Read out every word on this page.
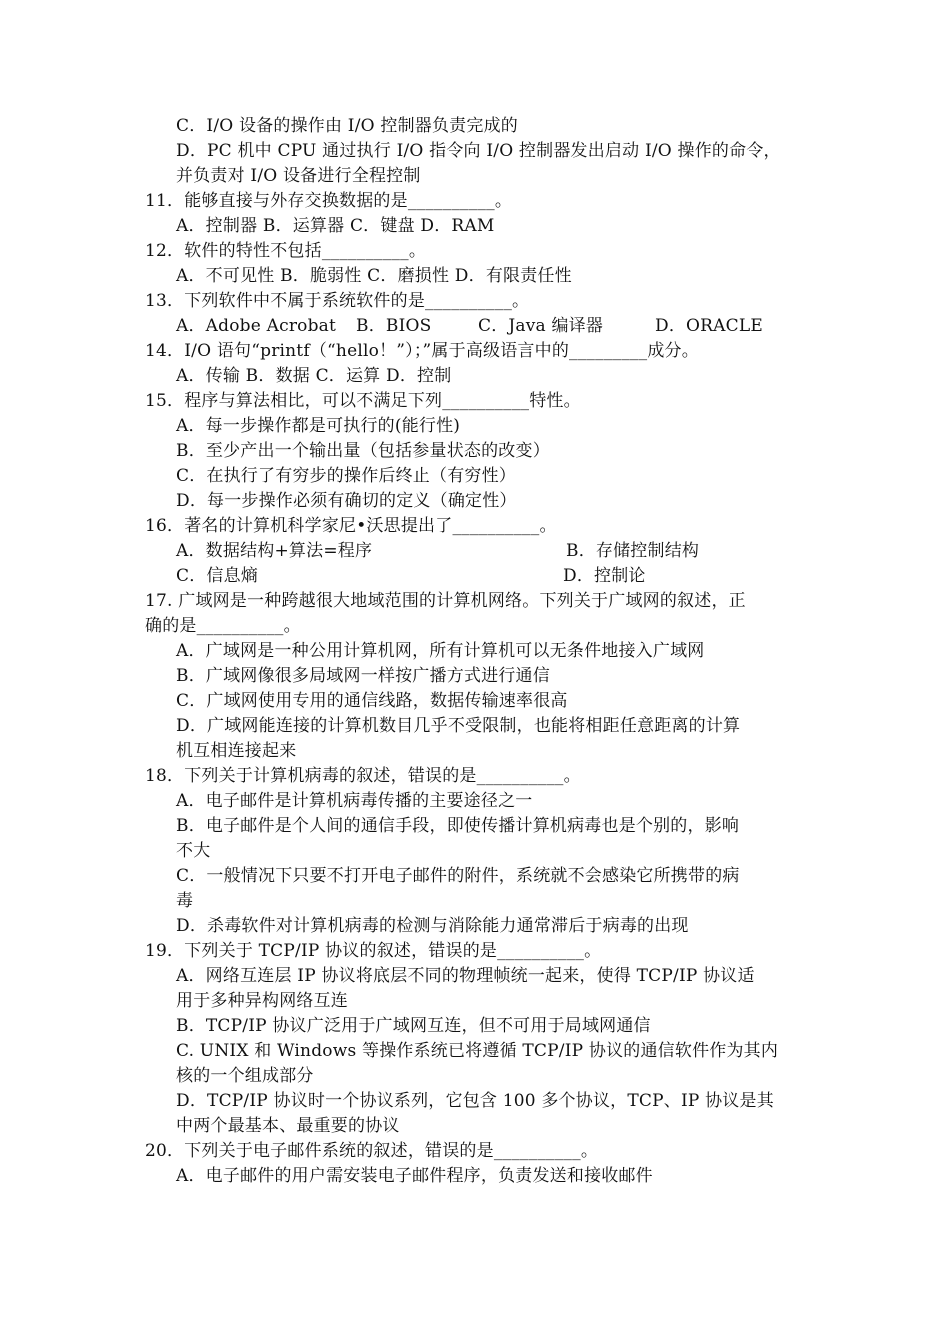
C．I/O 设备的操作由 I/O 控制器负责完成的
D．PC 机中 CPU 通过执行 I/O 指令向 I/O 控制器发出启动 I/O 操作的命令，
并负责对 I/O 设备进行全程控制
11．能够直接与外存交换数据的是__________。
A．控制器 B．运算器 C．键盘 D．RAM
12．软件的特性不包括__________。
A．不可见性 B．脆弱性 C．磨损性 D．有限责任性
13．下列软件中不属于系统软件的是__________。
A．Adobe Acrobat B．BIOS	C．Java 编译器	D．ORACLE
14．I/O 语句“printf（“hello！”）；”属于高级语言中的_________成分。
A．传输 B．数据 C．运算 D．控制
15．程序与算法相比，可以不满足下列__________特性。
A．每一步操作都是可执行的(能行性)
B．至少产出一个输出量（包括参量状态的改变）
C．在执行了有穷步的操作后终止（有穷性）
D．每一步操作必须有确切的定义（确定性）
16．著名的计算机科学家尼•沃思提出了__________。
A．数据结构+算法=程序	B．存储控制结构
C．信息熵	D．控制论
17. 广域网是一种跨越很大地域范围的计算机网络。下列关于广域网的叙述，正
确的是__________。
A．广域网是一种公用计算机网，所有计算机可以无条件地接入广域网
B．广域网像很多局域网一样按广播方式进行通信
C．广域网使用专用的通信线路，数据传输速率很高
D．广域网能连接的计算机数目几乎不受限制，也能将相距任意距离的计算
机互相连接起来
18．下列关于计算机病毒的叙述，错误的是__________。
A．电子邮件是计算机病毒传播的主要途径之一
B．电子邮件是个人间的通信手段，即使传播计算机病毒也是个别的，影响
不大
C．一般情况下只要不打开电子邮件的附件，系统就不会感染它所携带的病
毒
D．杀毒软件对计算机病毒的检测与消除能力通常滞后于病毒的出现
19．下列关于 TCP/IP 协议的叙述，错误的是__________。
A．网络互连层 IP 协议将底层不同的物理帧统一起来，使得 TCP/IP 协议适
用于多种异构网络互连
B．TCP/IP 协议广泛用于广域网互连，但不可用于局域网通信
C. UNIX 和 Windows 等操作系统已将遵循 TCP/IP 协议的通信软件作为其内
核的一个组成部分
D．TCP/IP 协议时一个协议系列，它包含 100 多个协议，TCP、IP 协议是其
中两个最基本、最重要的协议
20．下列关于电子邮件系统的叙述，错误的是__________。
A．电子邮件的用户需安装电子邮件程序，负责发送和接收邮件
